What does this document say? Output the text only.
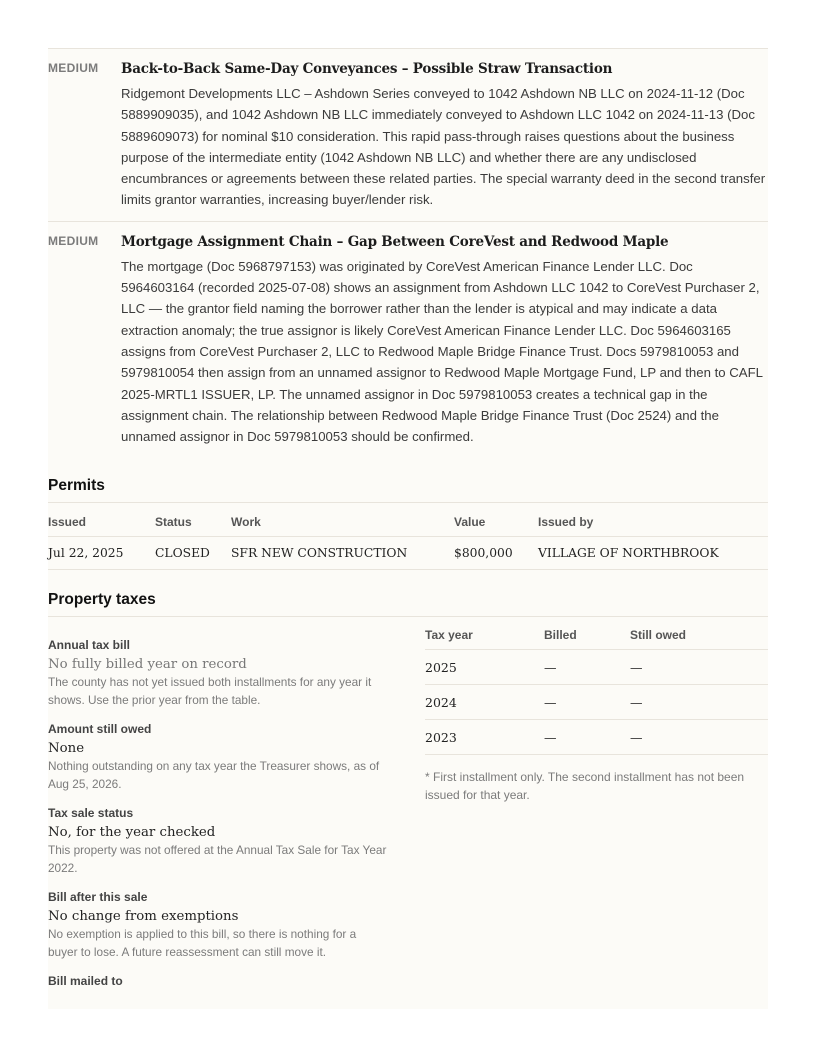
MEDIUM	Back-to-Back Same-Day Conveyances – Possible Straw Transaction

Ridgemont Developments LLC – Ashdown Series conveyed to 1042 Ashdown NB LLC on 2024-11-12 (Doc 5889909035), and 1042 Ashdown NB LLC immediately conveyed to Ashdown LLC 1042 on 2024-11-13 (Doc 5889609073) for nominal $10 consideration. This rapid pass-through raises questions about the business purpose of the intermediate entity (1042 Ashdown NB LLC) and whether there are any undisclosed encumbrances or agreements between these related parties. The special warranty deed in the second transfer limits grantor warranties, increasing buyer/lender risk.

MEDIUM	Mortgage Assignment Chain – Gap Between CoreVest and Redwood Maple

The mortgage (Doc 5968797153) was originated by CoreVest American Finance Lender LLC. Doc 5964603164 (recorded 2025-07-08) shows an assignment from Ashdown LLC 1042 to CoreVest Purchaser 2, LLC — the grantor field naming the borrower rather than the lender is atypical and may indicate a data extraction anomaly; the true assignor is likely CoreVest American Finance Lender LLC. Doc 5964603165 assigns from CoreVest Purchaser 2, LLC to Redwood Maple Bridge Finance Trust. Docs 5979810053 and 5979810054 then assign from an unnamed assignor to Redwood Maple Mortgage Fund, LP and then to CAFL 2025-MRTL1 ISSUER, LP. The unnamed assignor in Doc 5979810053 creates a technical gap in the assignment chain. The relationship between Redwood Maple Bridge Finance Trust (Doc 2524) and the unnamed assignor in Doc 5979810053 should be confirmed.

Permits
Issued	Status	Work	Value	Issued by
Jul 22, 2025	CLOSED	SFR NEW CONSTRUCTION	$800,000	VILLAGE OF NORTHBROOK
Property taxes

Annual tax bill

No fully billed year on record

The county has not yet issued both installments for any year it shows. Use the prior year from the table.

Amount still owed

None

Nothing outstanding on any tax year the Treasurer shows, as of Aug 25, 2026.

Tax sale status

No, for the year checked

This property was not offered at the Annual Tax Sale for Tax Year 2022.

Bill after this sale

No change from exemptions

No exemption is applied to this bill, so there is nothing for a buyer to lose. A future reassessment can still move it.

Bill mailed to

Tax year	Billed	Still owed
2025	—	—
2024	—	—
2023	—	—

* First installment only. The second installment has not been issued for that year.
